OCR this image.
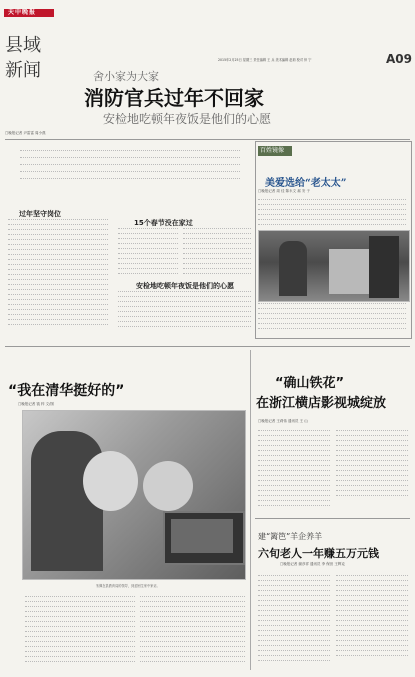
天中晚报
县域
新闻	2015年2月25日 星期三 责任编辑 王 兵 美术编辑 赵莉 校对 仲 宁	A09
舍小家为大家
消防官兵过年不回家
安检地吃顿年夜饭是他们的心愿
□晚报记者 尹雷雷 周小燕
百姓镜像
美爱选给“老太太”
□晚报记者 周 佳 陈永文 郝 安 于
过年坚守岗位
15个春节没在家过
安检地吃顿年夜饭是他们的心愿
“我在清华挺好的”
□晚报记者 钱 梓 文/图
朱佩在县教育局的领导，到贫困生家中家访。
“确山铁花”
在浙江横店影视城绽放
□晚报记者 王莉伟 通讯员 王 山
建“篱笆”羊企养羊
六旬老人一年赚五万元钱
□晚报记者 谢彦祥 通讯员 李 保田 王辉克
